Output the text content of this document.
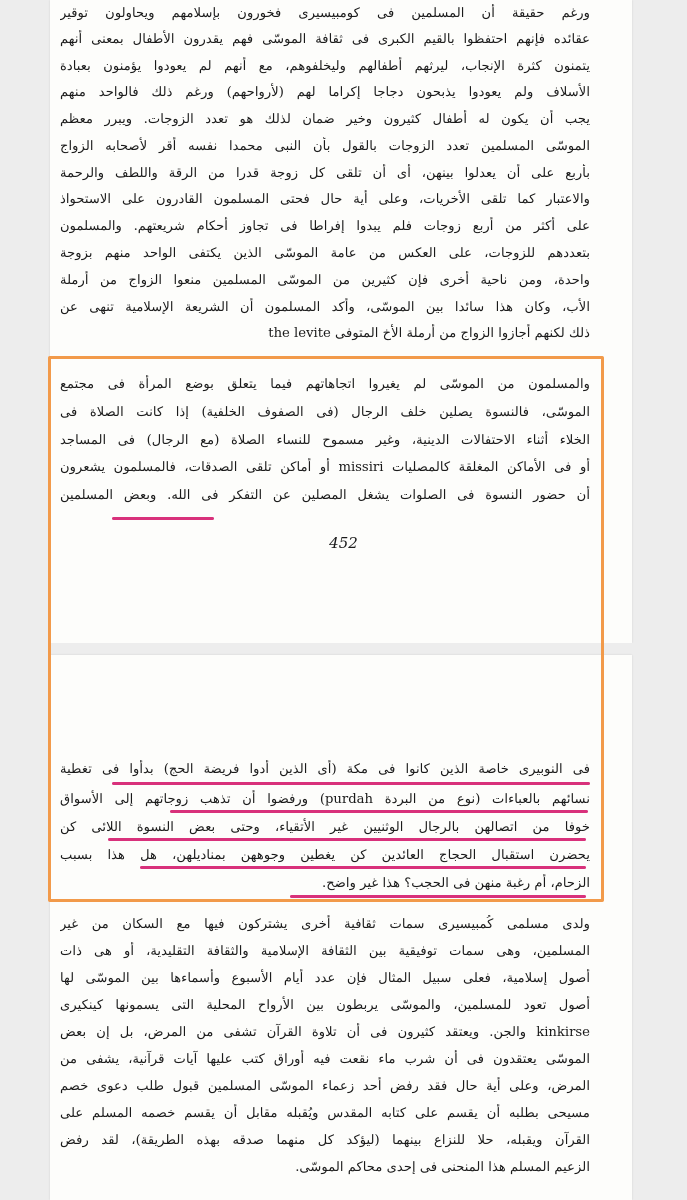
ورغم حقيقة أن المسلمين فى كومبيسيرى فخورون بإسلامهم ويحاولون توقير
عقائده فإنهم احتفظوا بالقيم الكبرى فى ثقافة الموسّى فهم يقدرون الأطفال بمعنى أنهم
يتمنون كثرة الإنجاب، ليرثهم أطفالهم وليخلفوهم، مع أنهم لم يعودوا يؤمنون بعبادة
الأسلاف ولم يعودوا يذبحون دجاجا إكراما لهم (لأرواحهم) ورغم ذلك فالواحد منهم
يجب أن يكون له أطفال كثيرون وخير ضمان لذلك هو تعدد الزوجات. ويبرر معظم
الموسّى المسلمين تعدد الزوجات بالقول بأن النبى محمدا نفسه أقر لأصحابه الزواج
بأربع على أن يعدلوا بينهن، أى أن تلقى كل زوجة قدرا من الرقة واللطف والرحمة
والاعتبار كما تلقى الأخريات، وعلى أية حال فحتى المسلمون القادرون على الاستحواذ
على أكثر من أربع زوجات فلم يبدوا إفراطا فى تجاوز أحكام شريعتهم. والمسلمون
بتعددهم للزوجات، على العكس من عامة الموسّى الذين يكتفى الواحد منهم بزوجة
واحدة، ومن ناحية أخرى فإن كثيرين من الموسّى المسلمين منعوا الزواج من أرملة
الأب، وكان هذا سائدا بين الموسّى، وأكد المسلمون أن الشريعة الإسلامية تنهى عن
ذلك لكنهم أجازوا الزواج من أرملة الأخ المتوفى the levite
والمسلمون من الموسّى لم يغيروا اتجاهاتهم فيما يتعلق بوضع المرأة فى مجتمع
الموسّى، فالنسوة يصلين خلف الرجال (فى الصفوف الخلفية) إذا كانت الصلاة فى
الخلاء أثناء الاحتفالات الدينية، وغير مسموح للنساء الصلاة (مع الرجال) فى المساجد
أو فى الأماكن المغلقة كالمصليات missiri أو أماكن تلقى الصدقات، فالمسلمون يشعرون
أن حضور النسوة فى الصلوات يشغل المصلين عن التفكر فى الله. وبعض المسلمين
452
فى النوبيرى خاصة الذين كانوا فى مكة (أى الذين أدوا فريضة الحج) بدأوا فى تغطية
نسائهم بالعباءات (نوع من البردة purdah) ورفضوا أن تذهب زوجاتهم إلى الأسواق
خوفا من اتصالهن بالرجال الوثنيين غير الأتقياء، وحتى بعض النسوة اللائى كن
يحضرن استقبال الحجاج العائدين كن يغطين وجوههن بمناديلهن، هل هذا بسبب
الزحام، أم رغبة منهن فى الحجب؟ هذا غير واضح.
ولدى مسلمى كُمبيسيرى سمات ثقافية أخرى يشتركون فيها مع السكان من غير
المسلمين، وهى سمات توفيقية بين الثقافة الإسلامية والثقافة التقليدية، أو هى ذات
أصول إسلامية، فعلى سبيل المثال فإن عدد أيام الأسبوع وأسماءها بين الموسّى لها
أصول تعود للمسلمين، والموسّى يربطون بين الأرواح المحلية التى يسمونها كينكيرى
kinkirse والجن. ويعتقد كثيرون فى أن تلاوة القرآن تشفى من المرض، بل إن بعض
الموسّى يعتقدون فى أن شرب ماء نقعت فيه أوراق كتب عليها آيات قرآنية، يشفى من
المرض، وعلى أية حال فقد رفض أحد زعماء الموسّى المسلمين قبول طلب دعوى خصم
مسيحى بطلبه أن يقسم على كتابه المقدس ويُقبله مقابل أن يقسم خصمه المسلم على
القرآن ويقبله، حلا للنزاع بينهما (ليؤكد كل منهما صدقه بهذه الطريقة)، لقد رفض
الزعيم المسلم هذا المنحنى فى إحدى محاكم الموسّى.
